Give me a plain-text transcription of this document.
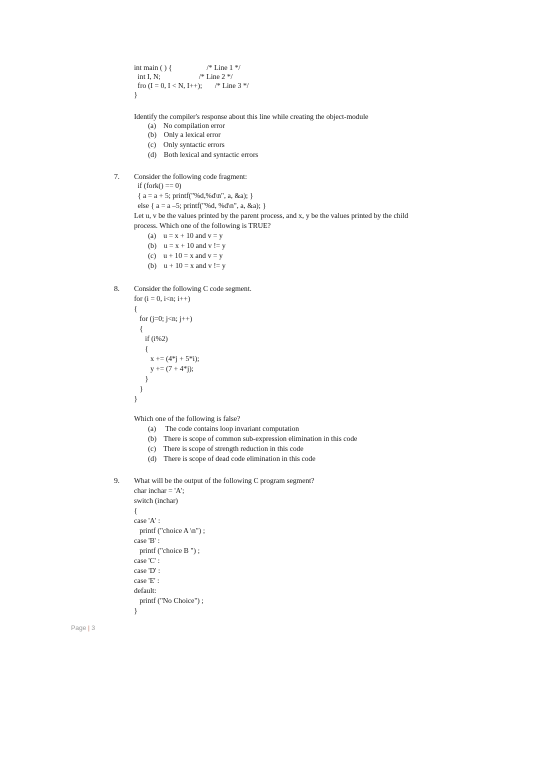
int main ( ) {                   /* Line 1 */
int I, N;                     /* Line 2 */
fro (I = 0, I < N, I++);       /* Line 3 */
}
Identify the compiler's response about this line while creating the object-module
(a)    No compilation error
(b)    Only a lexical error
(c)    Only syntactic errors
(d)    Both lexical and syntactic errors
7. Consider the following code fragment:
if (fork() == 0)
{ a = a + 5; printf("%d,%d\n", a, &a); }
else { a = a –5; printf("%d, %d\n", a, &a); }
Let u, v be the values printed by the parent process, and x, y be the values printed by the child
process. Which one of the following is TRUE?
(a)    u = x + 10 and v = y
(b)    u = x + 10 and v != y
(c)    u + 10 = x and v = y
(b)    u + 10 = x and v != y
8. Consider the following C code segment.
for (i = 0, i<n; i++)
{
for (j=0; j<n; j++)
{
if (i%2)
{
x += (4*j + 5*i);
y += (7 + 4*j);
}
}
}
Which one of the following is false?
(a)     The code contains loop invariant computation
(b)    There is scope of common sub-expression elimination in this code
(c)    There is scope of strength reduction in this code
(d)    There is scope of dead code elimination in this code
9. What will be the output of the following C program segment?
char inchar = 'A';
switch (inchar)
{
case 'A' :
printf ("choice A \n") ;
case 'B' :
printf ("choice B ") ;
case 'C' :
case 'D' :
case 'E' :
default:
printf ("No Choice") ;
}
Page | 3
